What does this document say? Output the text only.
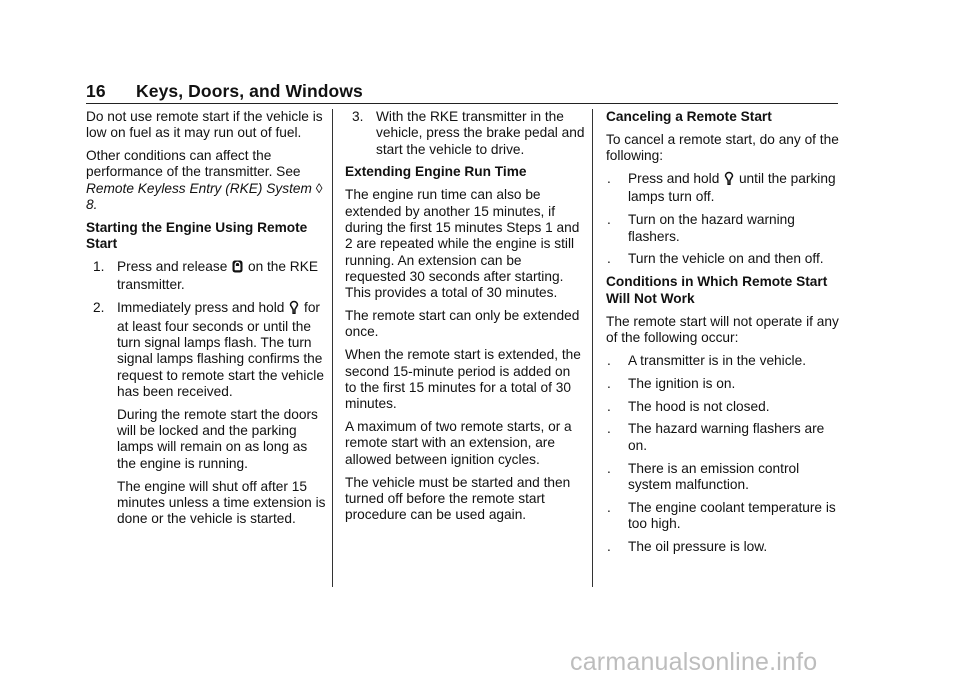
16 Keys, Doors, and Windows

Do not use remote start if the vehicle is low on fuel as it may run out of fuel.

Other conditions can affect the performance of the transmitter. See Remote Keyless Entry (RKE) System ◊ 8.

Starting the Engine Using Remote Start

1. Press and release on the RKE transmitter.
2. Immediately press and hold for at least four seconds or until the turn signal lamps flash. The turn signal lamps flashing confirms the request to remote start the vehicle has been received.

During the remote start the doors will be locked and the parking lamps will remain on as long as the engine is running.

The engine will shut off after 15 minutes unless a time extension is done or the vehicle is started.

3. With the RKE transmitter in the vehicle, press the brake pedal and start the vehicle to drive.

Extending Engine Run Time

The engine run time can also be extended by another 15 minutes, if during the first 15 minutes Steps 1 and 2 are repeated while the engine is still running. An extension can be requested 30 seconds after starting. This provides a total of 30 minutes.

The remote start can only be extended once.

When the remote start is extended, the second 15-minute period is added on to the first 15 minutes for a total of 30 minutes.

A maximum of two remote starts, or a remote start with an extension, are allowed between ignition cycles.

The vehicle must be started and then turned off before the remote start procedure can be used again.

Canceling a Remote Start

To cancel a remote start, do any of the following:

. Press and hold until the parking lamps turn off.
. Turn on the hazard warning flashers.
. Turn the vehicle on and then off.

Conditions in Which Remote Start Will Not Work

The remote start will not operate if any of the following occur:

. A transmitter is in the vehicle.
. The ignition is on.
. The hood is not closed.
. The hazard warning flashers are on.
. There is an emission control system malfunction.
. The engine coolant temperature is too high.
. The oil pressure is low.
carmanualsonline.info
